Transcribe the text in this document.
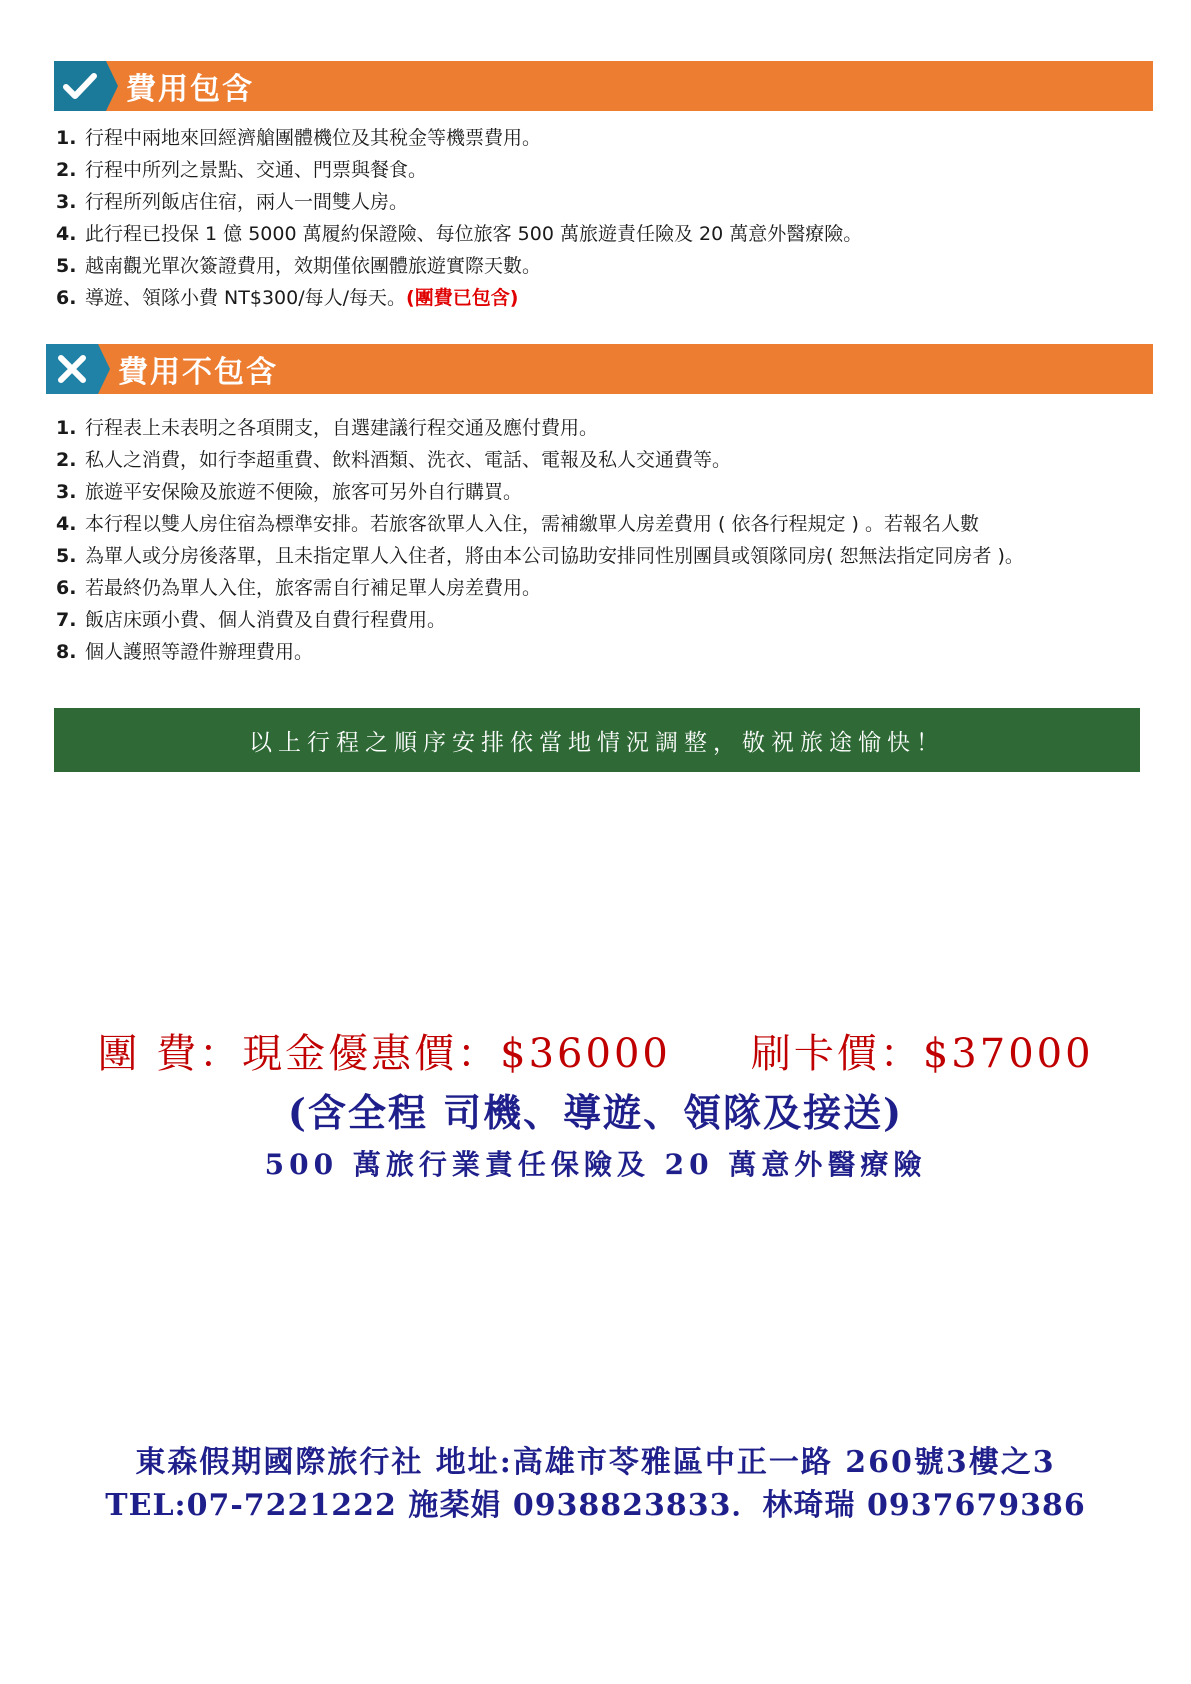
費用包含
1. 行程中兩地來回經濟艙團體機位及其稅金等機票費用。
2. 行程中所列之景點、交通、門票與餐食。
3. 行程所列飯店住宿，兩人一間雙人房。
4. 此行程已投保 1 億 5000 萬履約保證險、每位旅客 500 萬旅遊責任險及 20 萬意外醫療險。
5. 越南觀光單次簽證費用，效期僅依團體旅遊實際天數。
6. 導遊、領隊小費 NT$300/每人/每天。 (團費已包含)
費用不包含
1. 行程表上未表明之各項開支，自選建議行程交通及應付費用。
2. 私人之消費，如行李超重費、飲料酒類、洗衣、電話、電報及私人交通費等。
3. 旅遊平安保險及旅遊不便險，旅客可另外自行購買。
4. 本行程以雙人房住宿為標準安排。若旅客欲單人入住，需補繳單人房差費用 ( 依各行程規定 ) 。若報名人數
5. 為單人或分房後落單，且未指定單人入住者，將由本公司協助安排同性別團員或領隊同房( 恕無法指定同房者 )。
6. 若最終仍為單人入住，旅客需自行補足單人房差費用。
7. 飯店床頭小費、個人消費及自費行程費用。
8. 個人護照等證件辦理費用。
以上行程之順序安排依當地情況調整，敬祝旅途愉快！
團 費：現金優惠價：$36000 刷卡價：$37000
(含全程 司機、導遊、領隊及接送)
500 萬旅行業責任保險及 20 萬意外醫療險
東森假期國際旅行社 地址:高雄市苓雅區中正一路 260號3樓之3
TEL:07-7221222 施棻娟 0938823833．林琦瑞 0937679386
